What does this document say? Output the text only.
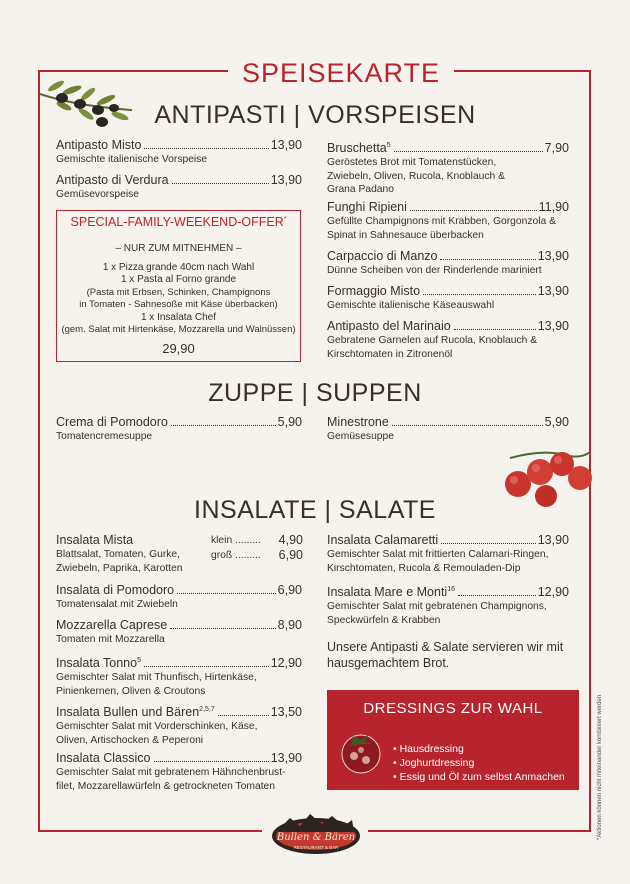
SPEISEKARTE
ANTIPASTI | VORSPEISEN
Antipasto Misto	13,90
Gemischte italienische Vorspeise
Antipasto di Verdura	13,90
Gemüsevorspeise
SPECIAL-FAMILY-WEEKEND-OFFER*
– NUR ZUM MITNEHMEN –
1 x Pizza grande 40cm nach Wahl
1 x Pasta al Forno grande
(Pasta mit Erbsen, Schinken, Champignons
in Tomaten - Sahnesoße mit Käse überbacken)
1 x Insalata Chef
(gem. Salat mit Hirtenkäse, Mozzarella und Walnüssen)
29,90
Bruschetta$^5$	7,90
Geröstetes Brot mit Tomatenstücken,
Zwiebeln, Oliven, Rucola, Knoblauch &
Grana Padano
Funghi Ripieni	11,90
Gefüllte Champignons mit Krabben, Gorgonzola &
Spinat in Sahnesauce überbacken
Carpaccio di Manzo	13,90
Dünne Scheiben von der Rinderlende mariniert
Formaggio Misto	13,90
Gemischte italienische Käseauswahl
Antipasto del Marinaio	13,90
Gebratene Garnelen auf Rucola, Knoblauch &
Kirschtomaten in Zitronenöl
ZUPPE | SUPPEN
Crema di Pomodoro	5,90
Tomatencremesuppe
Minestrone	5,90
Gemüsesuppe
INSALATE | SALATE
Insalata Mista
Blattsalat, Tomaten, Gurke,
Zwiebeln, Paprika, Karotten
klein ......... 4,90
groß ......... 6,90
Insalata di Pomodoro	6,90
Tomatensalat mit Zwiebeln
Mozzarella Caprese	8,90
Tomaten mit Mozzarella
Insalata Tonno$^5$	12,90
Gemischter Salat mit Thunfisch, Hirtenkäse,
Pinienkernen, Oliven & Croutons
Insalata Bullen und Bären$^{2,5,7}$	13,50
Gemischter Salat mit Vorderschinken, Käse,
Oliven, Artischocken & Peperoni
Insalata Classico	13,90
Gemischter Salat mit gebratenem Hähnchenbrust-
filet, Mozzarellawürfeln & getrockneten Tomaten
Insalata Calamaretti	13,90
Gemischter Salat mit frittierten Calamari-Ringen,
Kirschtomaten, Rucola & Remouladen-Dip
Insalata Mare e Monti$^{16}$	12,90
Gemischter Salat mit gebratenen Champignons,
Speckwürfeln & Krabben
Unsere Antipasti & Salate servieren wir mit hausgemachtem Brot.
DRESSINGS ZUR WAHL
• Hausdressing
• Joghurtdressing
• Essig und Öl zum selbst Anmachen	*Aktionen können nicht miteinander kombiniert werden
Bullen & Bären
RESTAURANT & BAR
